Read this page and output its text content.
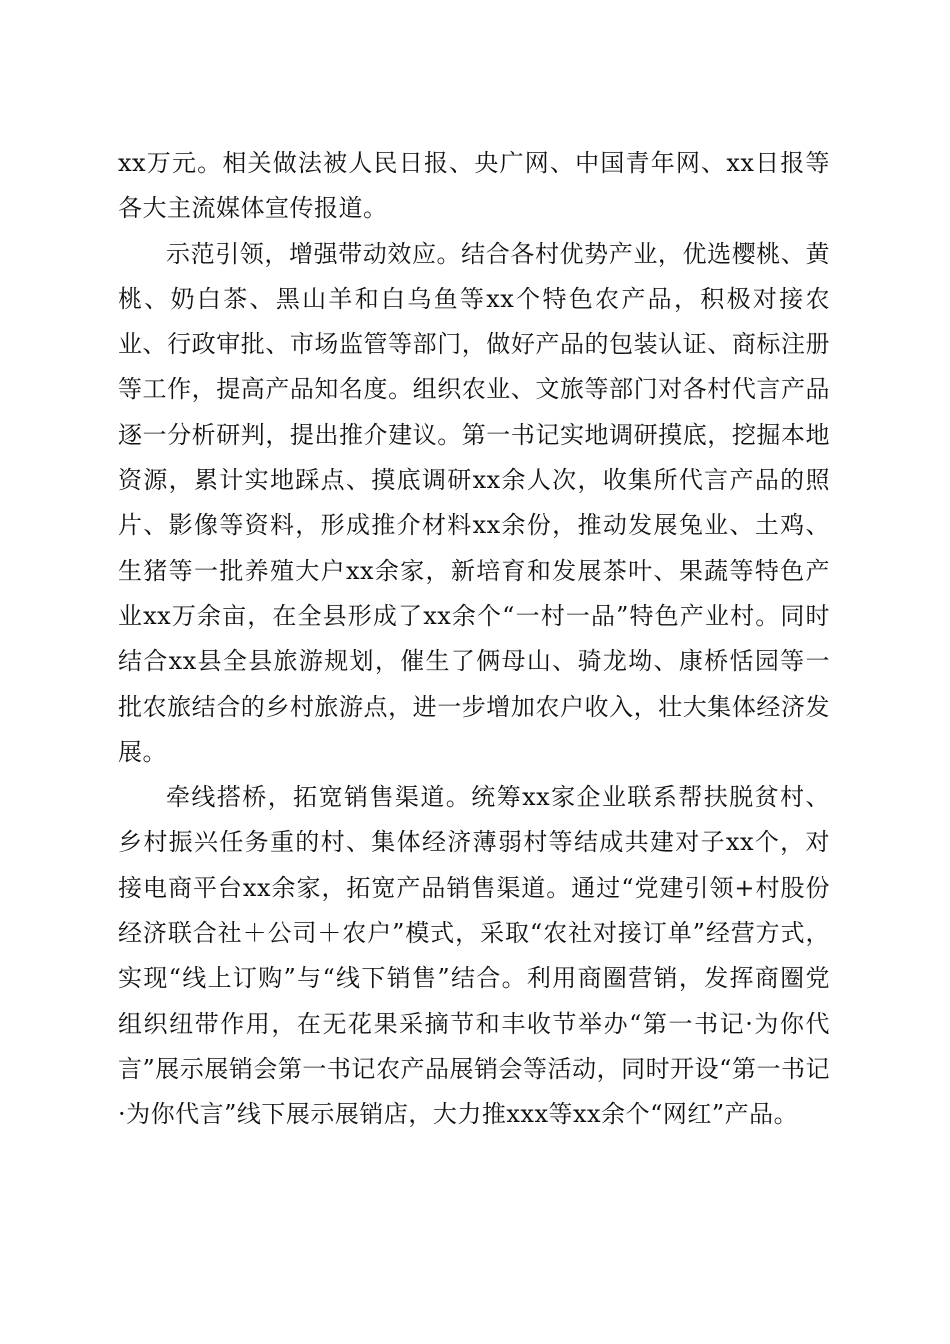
xx万元。相关做法被人民日报、央广网、中国青年网、xx日报等各大主流媒体宣传报道。

示范引领，增强带动效应。结合各村优势产业，优选樱桃、黄桃、奶白茶、黑山羊和白乌鱼等xx个特色农产品，积极对接农业、行政审批、市场监管等部门，做好产品的包装认证、商标注册等工作，提高产品知名度。组织农业、文旅等部门对各村代言产品逐一分析研判，提出推介建议。第一书记实地调研摸底，挖掘本地资源，累计实地踩点、摸底调研xx余人次，收集所代言产品的照片、影像等资料，形成推介材料xx余份，推动发展兔业、土鸡、生猪等一批养殖大户xx余家，新培育和发展茶叶、果蔬等特色产业xx万余亩，在全县形成了xx余个“一村一品”特色产业村。同时结合xx县全县旅游规划，催生了俩母山、骑龙坳、康桥恬园等一批农旅结合的乡村旅游点，进一步增加农户收入，壮大集体经济发展。

牵线搭桥，拓宽销售渠道。统筹xx家企业联系帮扶脱贫村、乡村振兴任务重的村、集体经济薄弱村等结成共建对子xx个，对接电商平台xx余家，拓宽产品销售渠道。通过“党建引领+村股份经济联合社＋公司＋农户”模式，采取“农社对接订单”经营方式，实现“线上订购”与“线下销售”结合。利用商圈营销，发挥商圈党组织纽带作用，在无花果采摘节和丰收节举办“第一书记·为你代言”展示展销会第一书记农产品展销会等活动，同时开设“第一书记·为你代言”线下展示展销店，大力推xxx等xx余个“网红”产品。
